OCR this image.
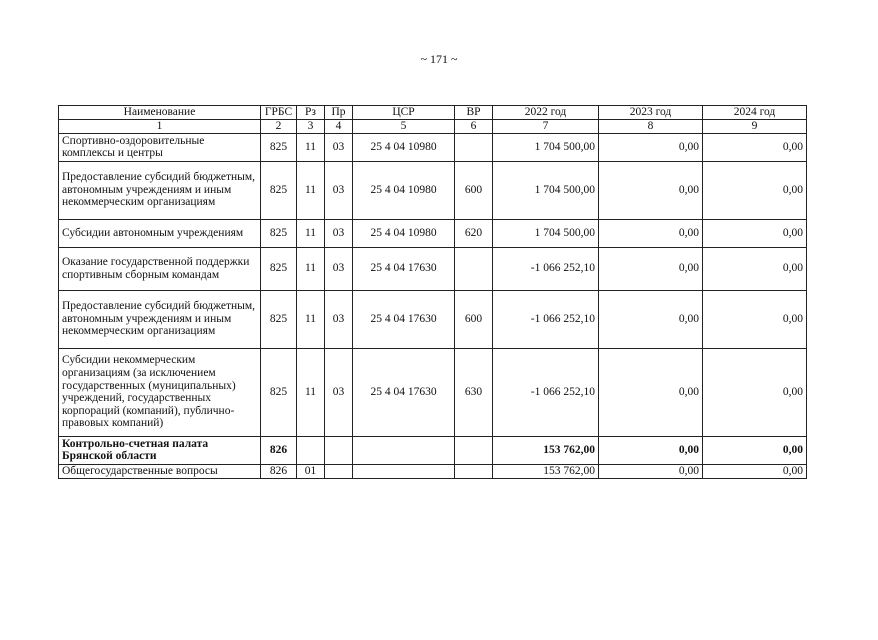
~ 171 ~
Наименование	ГРБС	Рз	Пр	ЦСР	ВР	2022 год	2023 год	2024 год
1	2	3	4	5	6	7	8	9
Спортивно-оздоровительные комплексы и центры	825	11	03	25 4 04 10980		1 704 500,00	0,00	0,00
Предоставление субсидий бюджетным, автономным учреждениям и иным некоммерческим организациям	825	11	03	25 4 04 10980	600	1 704 500,00	0,00	0,00
Субсидии автономным учреждениям	825	11	03	25 4 04 10980	620	1 704 500,00	0,00	0,00
Оказание государственной поддержки спортивным сборным командам	825	11	03	25 4 04 17630		-1 066 252,10	0,00	0,00
Предоставление субсидий бюджетным, автономным учреждениям и иным некоммерческим организациям	825	11	03	25 4 04 17630	600	-1 066 252,10	0,00	0,00
Субсидии некоммерческим организациям (за исключением государственных (муниципальных) учреждений, государственных корпораций (компаний), публично-правовых компаний)	825	11	03	25 4 04 17630	630	-1 066 252,10	0,00	0,00
Контрольно-счетная палата Брянской области	826					153 762,00	0,00	0,00
Общегосударственные вопросы	826	01				153 762,00	0,00	0,00
